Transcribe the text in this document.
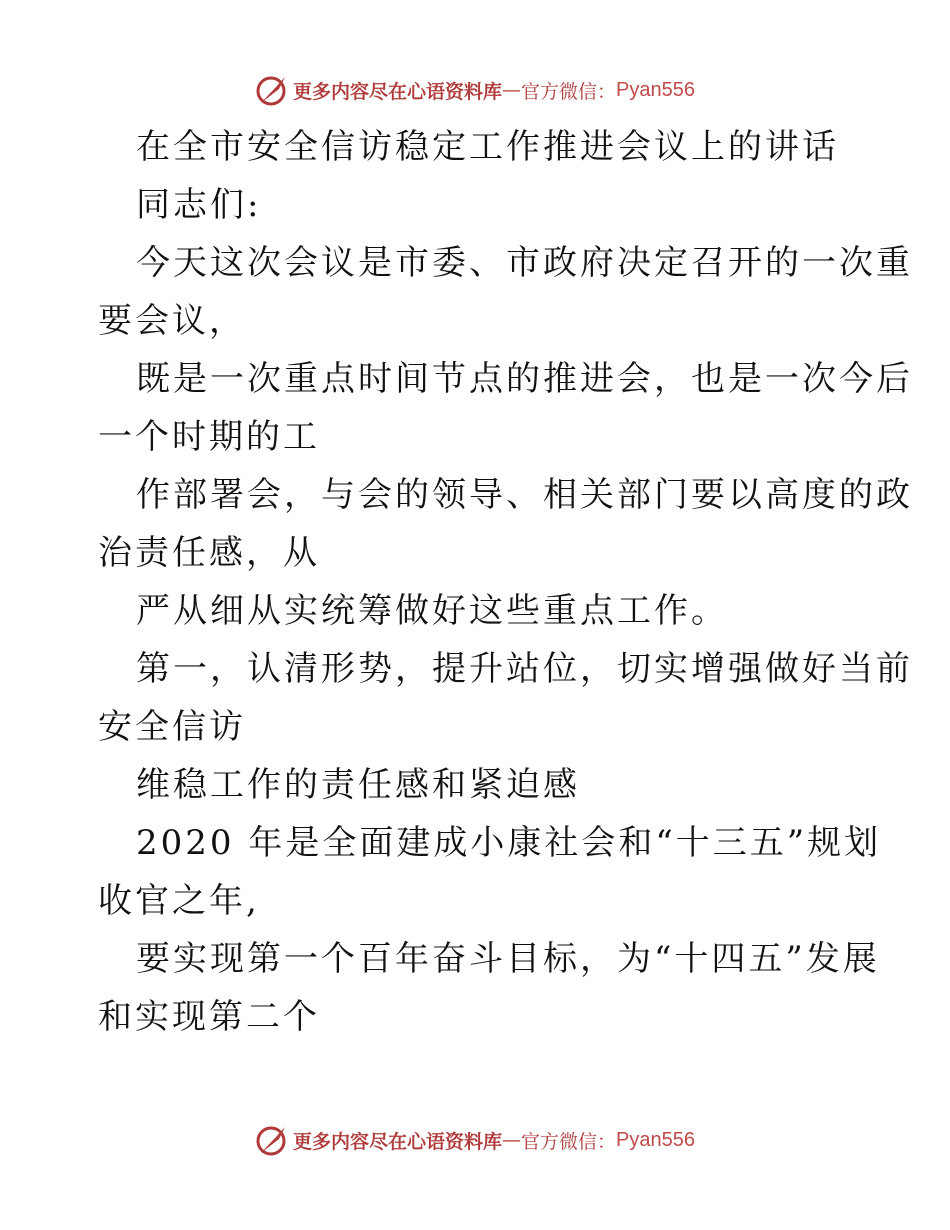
更多内容尽在心语资料库 — 官方微信： Pyan556
在全市安全信访稳定工作推进会议上的讲话
同志们:
今天这次会议是市委、市政府决定召开的一次重
要会议，
既是一次重点时间节点的推进会，也是一次今后
一个时期的工
作部署会，与会的领导、相关部门要以高度的政
治责任感，从
严从细从实统筹做好这些重点工作。
第一，认清形势，提升站位，切实增强做好当前
安全信访
维稳工作的责任感和紧迫感
2020 年是全面建成小康社会和“十三五”规划
收官之年,
要实现第一个百年奋斗目标，为“十四五”发展
和实现第二个
更多内容尽在心语资料库 — 官方微信： Pyan556
